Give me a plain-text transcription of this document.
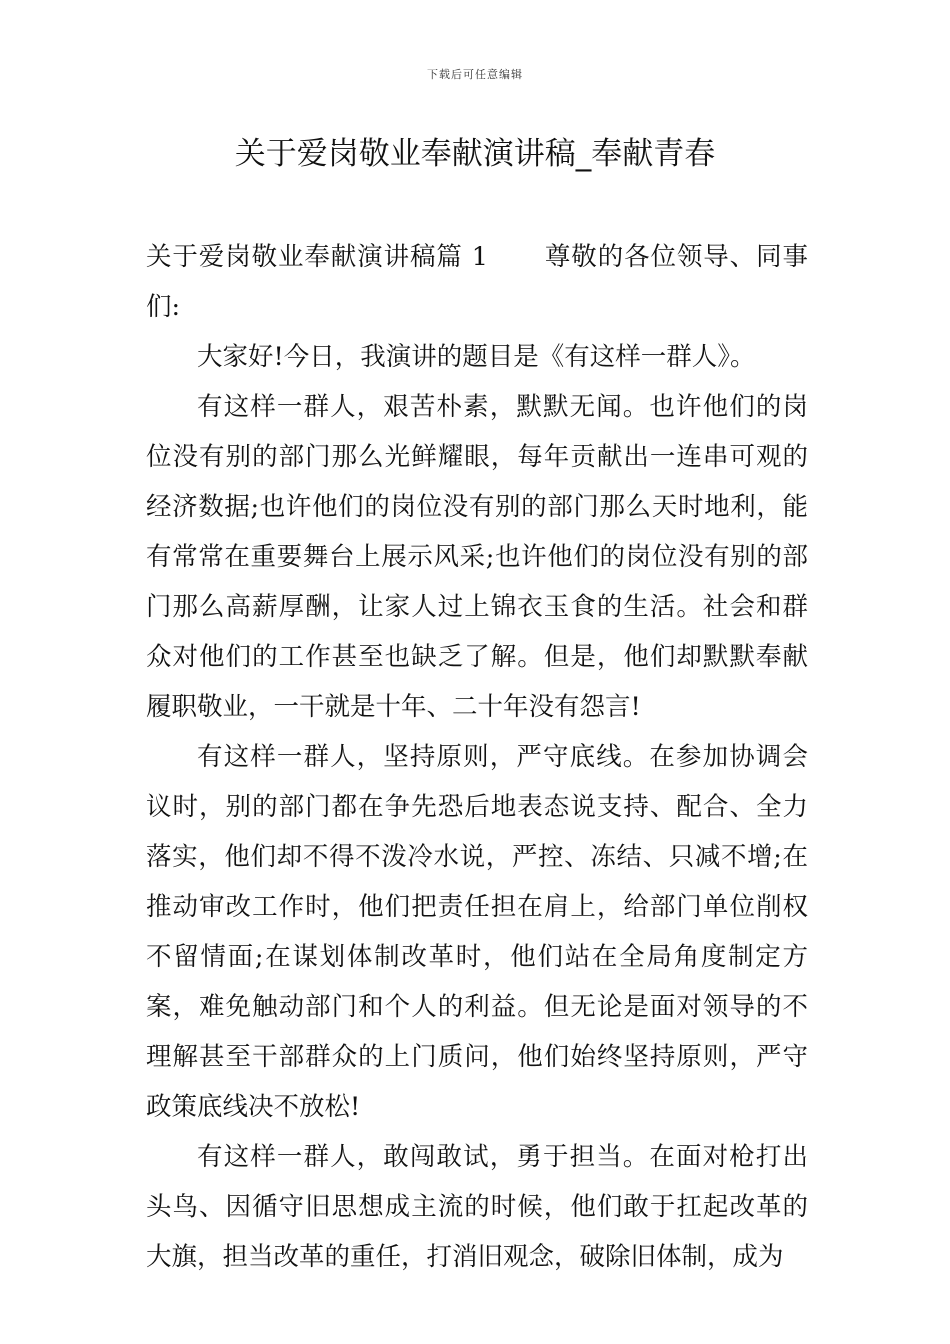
下载后可任意编辑
关于爱岗敬业奉献演讲稿_奉献青春

关于爱岗敬业奉献演讲稿篇 1 尊敬的各位领导、同事们:

大家好!今日，我演讲的题目是《有这样一群人》。

有这样一群人，艰苦朴素，默默无闻。也许他们的岗位没有别的部门那么光鲜耀眼，每年贡献出一连串可观的经济数据;也许他们的岗位没有别的部门那么天时地利，能有常常在重要舞台上展示风采;也许他们的岗位没有别的部门那么高薪厚酬，让家人过上锦衣玉食的生活。社会和群众对他们的工作甚至也缺乏了解。但是，他们却默默奉献履职敬业，一干就是十年、二十年没有怨言!

有这样一群人，坚持原则，严守底线。在参加协调会议时，别的部门都在争先恐后地表态说支持、配合、全力落实，他们却不得不泼冷水说，严控、冻结、只减不增;在推动审改工作时，他们把责任担在肩上，给部门单位削权不留情面;在谋划体制改革时，他们站在全局角度制定方案，难免触动部门和个人的利益。但无论是面对领导的不理解甚至干部群众的上门质问，他们始终坚持原则，严守政策底线决不放松!

有这样一群人，敢闯敢试，勇于担当。在面对枪打出头鸟、因循守旧思想成主流的时候，他们敢于扛起改革的大旗，担当改革的重任，打消旧观念，破除旧体制，成为
